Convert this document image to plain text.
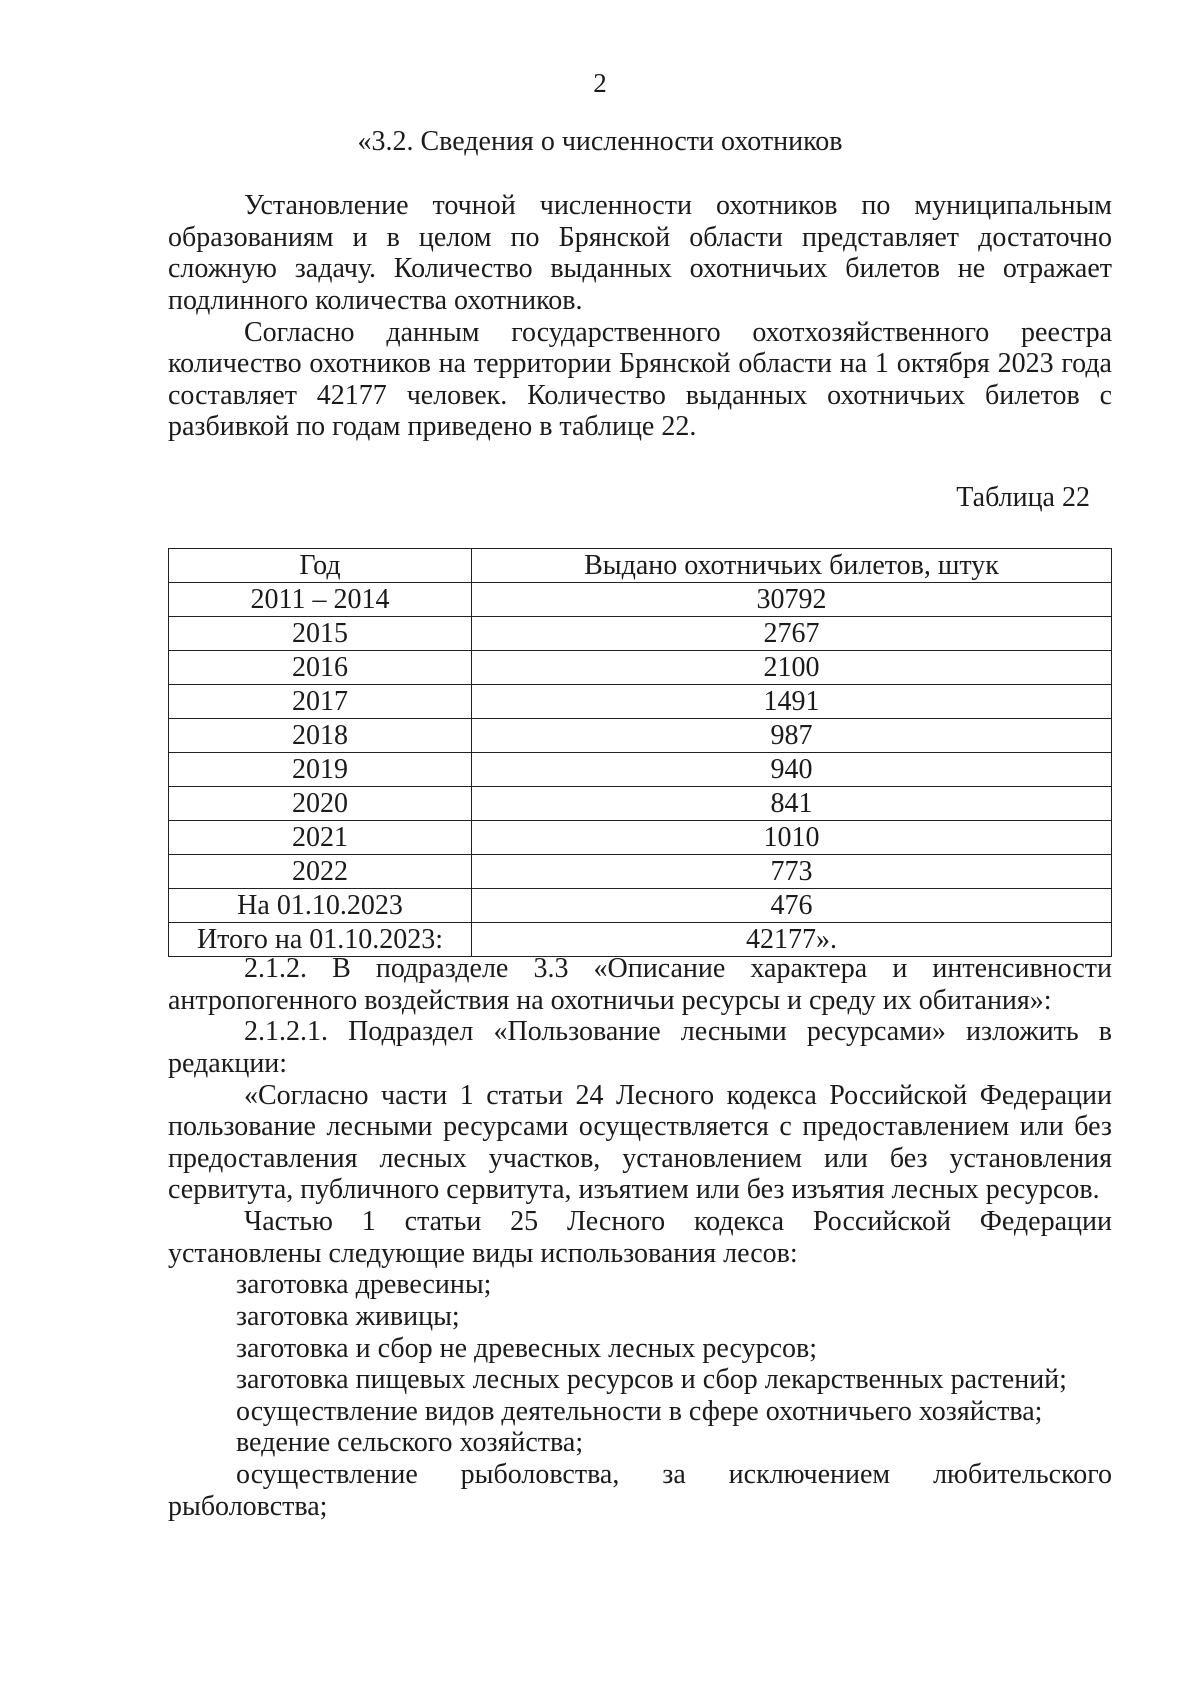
2
«3.2. Сведения о численности охотников

Установление точной численности охотников по муниципальным образованиям и в целом по Брянской области представляет достаточно сложную задачу. Количество выданных охотничьих билетов не отражает подлинного количества охотников.

Согласно данным государственного охотхозяйственного реестра количество охотников на территории Брянской области на 1 октября 2023 года составляет 42177 человек. Количество выданных охотничьих билетов с разбивкой по годам приведено в таблице 22.

Таблица 22
Год	Выдано охотничьих билетов, штук
2011 – 2014	30792
2015	2767
2016	2100
2017	1491
2018	987
2019	940
2020	841
2021	1010
2022	773
На 01.10.2023	476
Итого на 01.10.2023:	42177».

2.1.2. В подразделе 3.3 «Описание характера и интенсивности антропогенного воздействия на охотничьи ресурсы и среду их обитания»:

2.1.2.1. Подраздел «Пользование лесными ресурсами» изложить в редакции:

«Согласно части 1 статьи 24 Лесного кодекса Российской Федерации пользование лесными ресурсами осуществляется с предоставлением или без предоставления лесных участков, установлением или без установления сервитута, публичного сервитута, изъятием или без изъятия лесных ресурсов.

Частью 1 статьи 25 Лесного кодекса Российской Федерации установлены следующие виды использования лесов:

заготовка древесины;

заготовка живицы;

заготовка и сбор не древесных лесных ресурсов;

заготовка пищевых лесных ресурсов и сбор лекарственных растений;

осуществление видов деятельности в сфере охотничьего хозяйства;

ведение сельского хозяйства;

осуществление рыболовства, за исключением любительского рыболовства;
